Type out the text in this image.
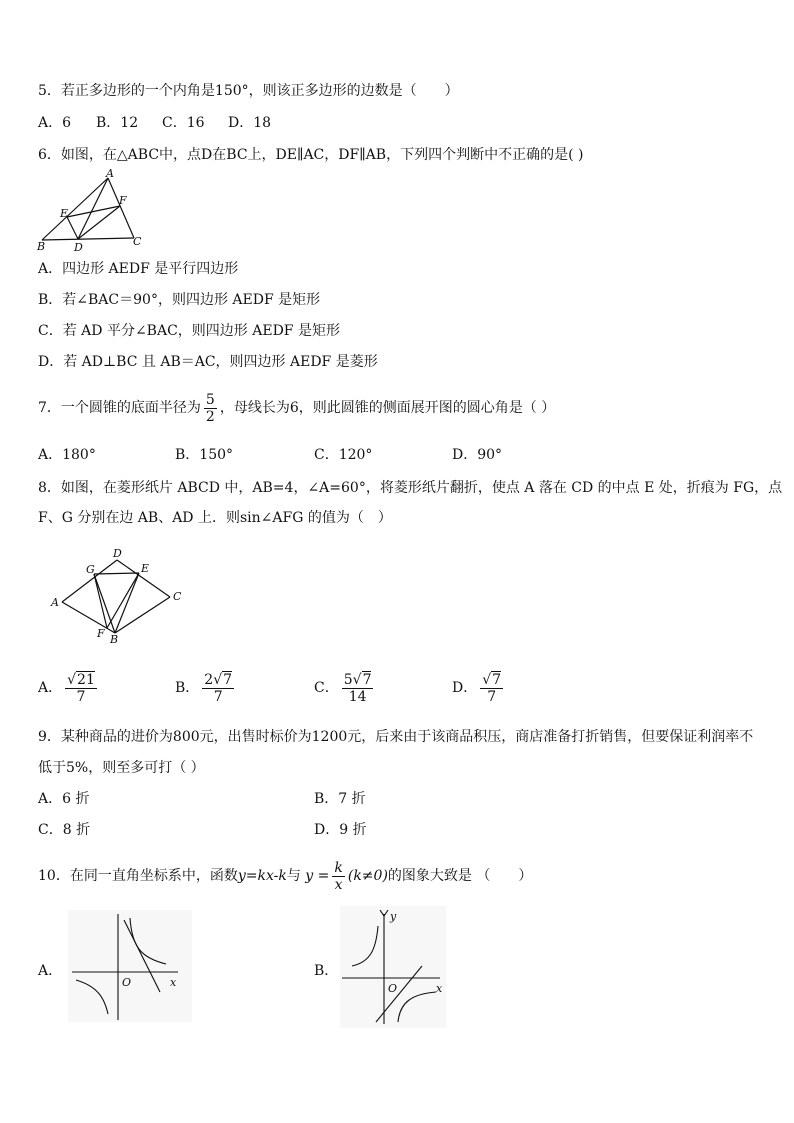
5．若正多边形的一个内角是150°，则该正多边形的边数是（　　）
A．6 B．12 C．16 D．18
6．如图，在△ABC中，点D在BC上，DE∥AC，DF∥AB，下列四个判断中不正确的是( )
A
E
F
B	D	C
A．四边形 AEDF 是平行四边形
B．若∠BAC＝90°，则四边形 AEDF 是矩形
C．若 AD 平分∠BAC，则四边形 AEDF 是矩形
D．若 AD⊥BC 且 AB＝AC，则四边形 AEDF 是菱形
7．一个圆锥的底面半径为 $\frac{5}{2}$ ，母线长为6，则此圆锥的侧面展开图的圆心角是（ ）
A．180°	B．150°	C．120°	D．90°
8．如图，在菱形纸片 ABCD 中，AB=4，∠A=60°，将菱形纸片翻折，使点 A 落在 CD 的中点 E 处，折痕为 FG，点
F、G 分别在边 AB、AD 上．则sin∠AFG 的值为（　）
D
G	E
A	C
F B
A． $\frac{√21}{7}$	B． $\frac{2√7}{7}$	C． $\frac{5√7}{14}$	D． $\frac{√7}{7}$
9．某种商品的进价为800元，出售时标价为1200元，后来由于该商品积压，商店准备打折销售，但要保证利润率不
低于5%，则至多可打（ ）
A．6 折	B．7 折
C．8 折	D．9 折
10．在同一直角坐标系中，函数y=kx-k与 $y = \frac{k}{x} (k\ne 0)$的图象大致是 （　　）
A．
O	x
B．
y
O	x
